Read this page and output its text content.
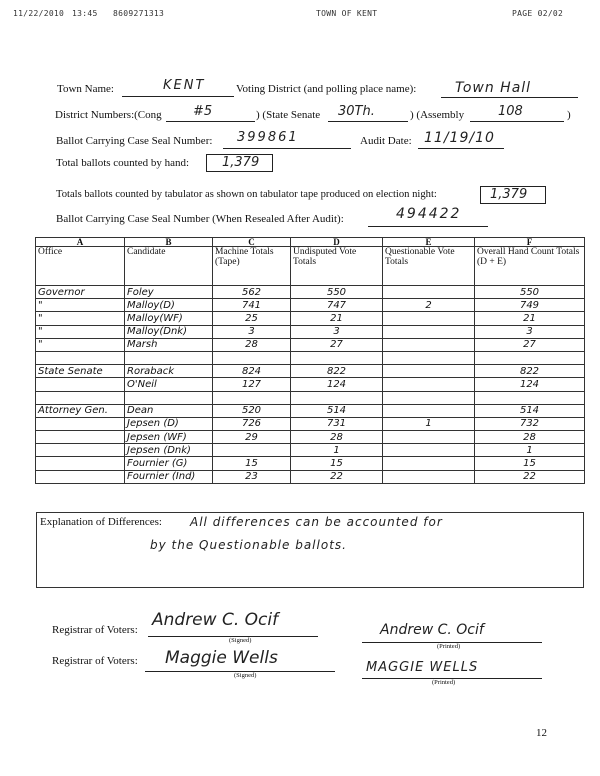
11/22/2010 13:45 8609271313	TOWN OF KENT	PAGE 02/02
Town Name:	KENT	Voting District (and polling place name):	Town Hall
District Numbers:(Cong #5	) (State Senate 30Th.	) (Assembly	108	)
Ballot Carrying Case Seal Number: 399861	Audit Date: 11/19/10
Total ballots counted by hand:	1,379
Totals ballots counted by tabulator as shown on tabulator tape produced on election night:	1,379
Ballot Carrying Case Seal Number (When Resealed After Audit):	494422
A	B	C	D	E	F
Office	Candidate	Machine Totals (Tape)	Undisputed Vote Totals	Questionable Vote Totals	Overall Hand Count Totals (D + E)
Governor	Foley	562	550		550
"	Malloy(D)	741	747	2	749
"	Malloy(WF)	25	21		21
"	Malloy(Dnk)	3	3		3
"	Marsh	28	27		27

State Senate	Roraback	824	822		822
	O'Neil	127	124		124

Attorney Gen.	Dean	520	514		514
	Jepsen (D)	726	731	1	732
	Jepsen (WF)	29	28		28
	Jepsen (Dnk)		1		1
	Fournier (G)	15	15		15
	Fournier (Ind)	23	22		22
Explanation of Differences: All differences can be accounted for
by the Questionable ballots.
Registrar of Voters: Andrew C. Ocif
(Signed)
Andrew C. Ocif
(Printed)
Registrar of Voters: Maggie Wells
(Signed)
MAGGIE WELLS
(Printed)
12
